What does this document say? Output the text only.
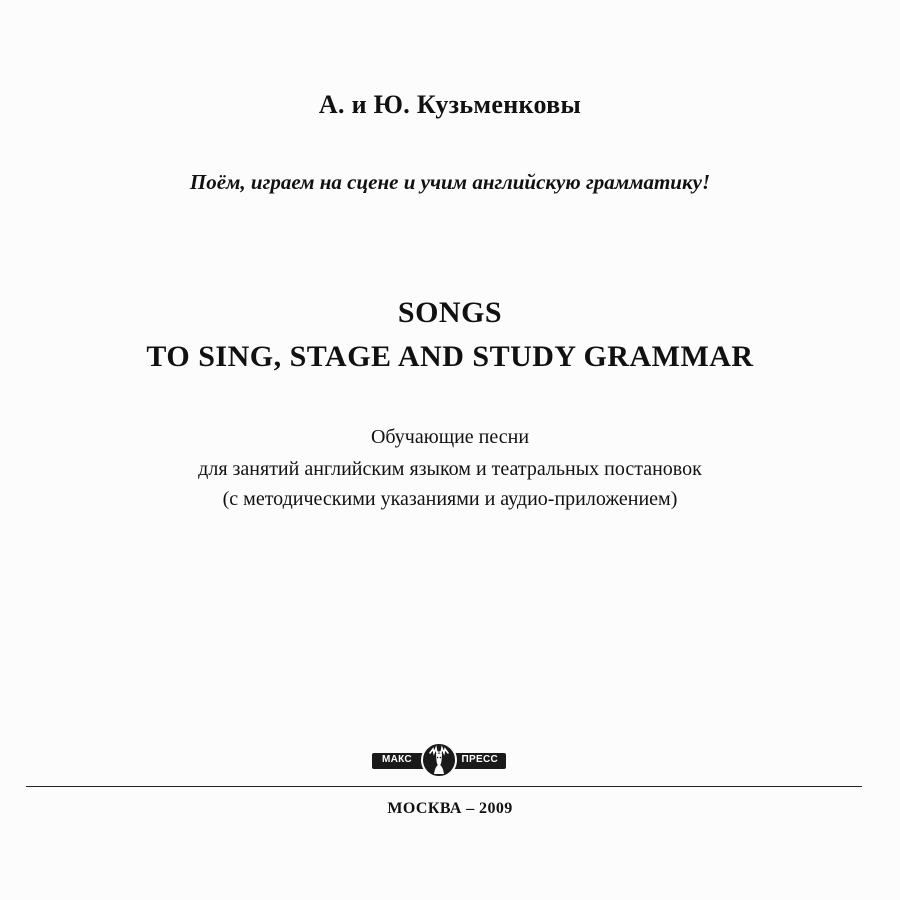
А. и Ю. Кузьменковы
Поём, играем на сцене и учим английскую грамматику!
SONGS
TO SING, STAGE AND STUDY GRAMMAR
Обучающие песни
для занятий английским языком и театральных постановок
(с методическими указаниями и аудио-приложением)
МАКС	ПРЕСС
МОСКВА – 2009
